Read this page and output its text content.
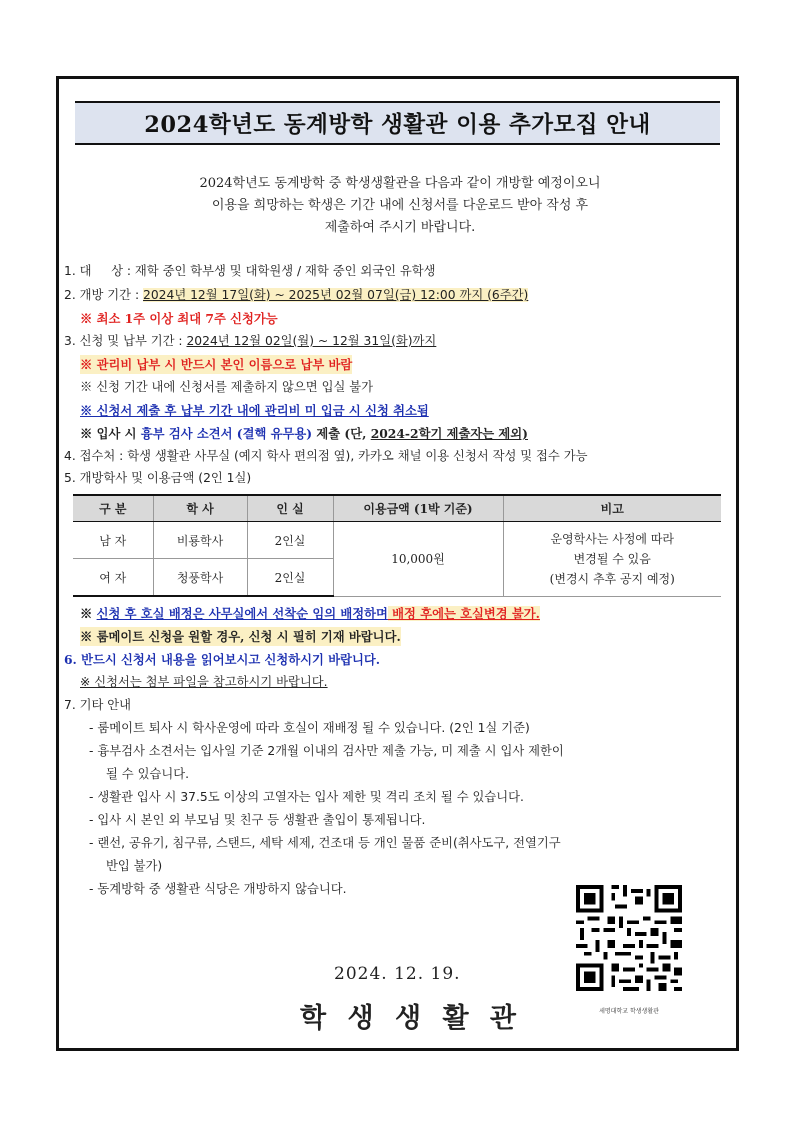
2024학년도 동계방학 생활관 이용 추가모집 안내
2024학년도 동계방학 중 학생생활관을 다음과 같이 개방할 예정이오니
이용을 희망하는 학생은 기간 내에 신청서를 다운로드 받아 작성 후
제출하여 주시기 바랍니다.
1. 대     상 : 재학 중인 학부생 및 대학원생 / 재학 중인 외국인 유학생
2. 개방 기간 : 2024년 12월 17일(화) ~ 2025년 02월 07일(금) 12:00 까지 (6주간)
※ 최소 1주 이상 최대 7주 신청가능
3. 신청 및 납부 기간 : 2024년 12월 02일(월) ~ 12월 31일(화)까지
※ 관리비 납부 시 반드시 본인 이름으로 납부 바람
※ 신청 기간 내에 신청서를 제출하지 않으면 입실 불가
※ 신청서 제출 후 납부 기간 내에 관리비 미 입금 시 신청 취소됨
※ 입사 시 흉부 검사 소견서 (결핵 유무용) 제출 (단, 2024-2학기 제출자는 제외)
4. 접수처 : 학생 생활관 사무실 (예지 학사 편의점 옆), 카카오 채널 이용 신청서 작성 및 접수 가능
5. 개방학사 및 이용금액 (2인 1실)
구 분	학 사	인 실	이용금액 (1박 기준)	비고
남 자	비룡학사	2인실	10,000원	운영학사는 사정에 따라
변경될 수 있음
(변경시 추후 공지 예정)

여 자	청풍학사	2인실		
※ 신청 후 호실 배정은 사무실에서 선착순 임의 배정하며 배정 후에는 호실변경 불가.
※ 룸메이트 신청을 원할 경우, 신청 시 필히 기재 바랍니다.
6. 반드시 신청서 내용을 읽어보시고 신청하시기 바랍니다.
※ 신청서는 첨부 파일을 참고하시기 바랍니다.
7. 기타 안내
- 룸메이트 퇴사 시 학사운영에 따라 호실이 재배정 될 수 있습니다. (2인 1실 기준)
- 흉부검사 소견서는 입사일 기준 2개월 이내의 검사만 제출 가능, 미 제출 시 입사 제한이
될 수 있습니다.
- 생활관 입사 시 37.5도 이상의 고열자는 입사 제한 및 격리 조치 될 수 있습니다.
- 입사 시 본인 외 부모님 및 친구 등 생활관 출입이 통제됩니다.
- 랜선, 공유기, 침구류, 스탠드, 세탁 세제, 건조대 등 개인 물품 준비(취사도구, 전열기구
반입 불가)
- 동계방학 중 생활관 식당은 개방하지 않습니다.
2024. 12. 19.
학 생 생 활 관	세명대학교 학생생활관
